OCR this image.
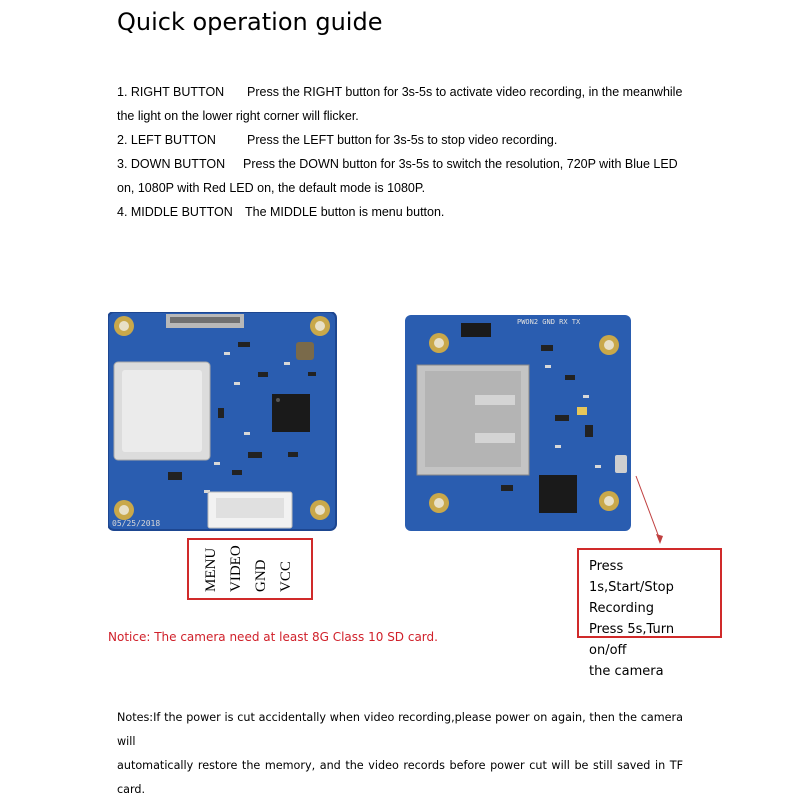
Quick operation guide

1. RIGHT BUTTON Press the RIGHT button for 3s-5s to activate video recording, in the meanwhile

the light on the lower right corner will flicker.

2. LEFT BUTTON Press the LEFT button for 3s-5s to stop video recording.

3. DOWN BUTTON Press the DOWN button for 3s-5s to switch the resolution, 720P with Blue LED

on, 1080P with Red LED on, the default mode is 1080P.

4. MIDDLE BUTTON The MIDDLE button is menu button.

05/25/2018
PWON2 GND RX TX
MENU VIDEO GND VCC	Press 1s,Start/Stop
Recording
Press 5s,Turn on/off
the camera
Notice: The camera need at least 8G Class 10 SD card.

Notes:If the power is cut accidentally when video recording,please power on again, then the camera will

automatically restore the memory, and the video records before power cut will be still saved in TF card.
